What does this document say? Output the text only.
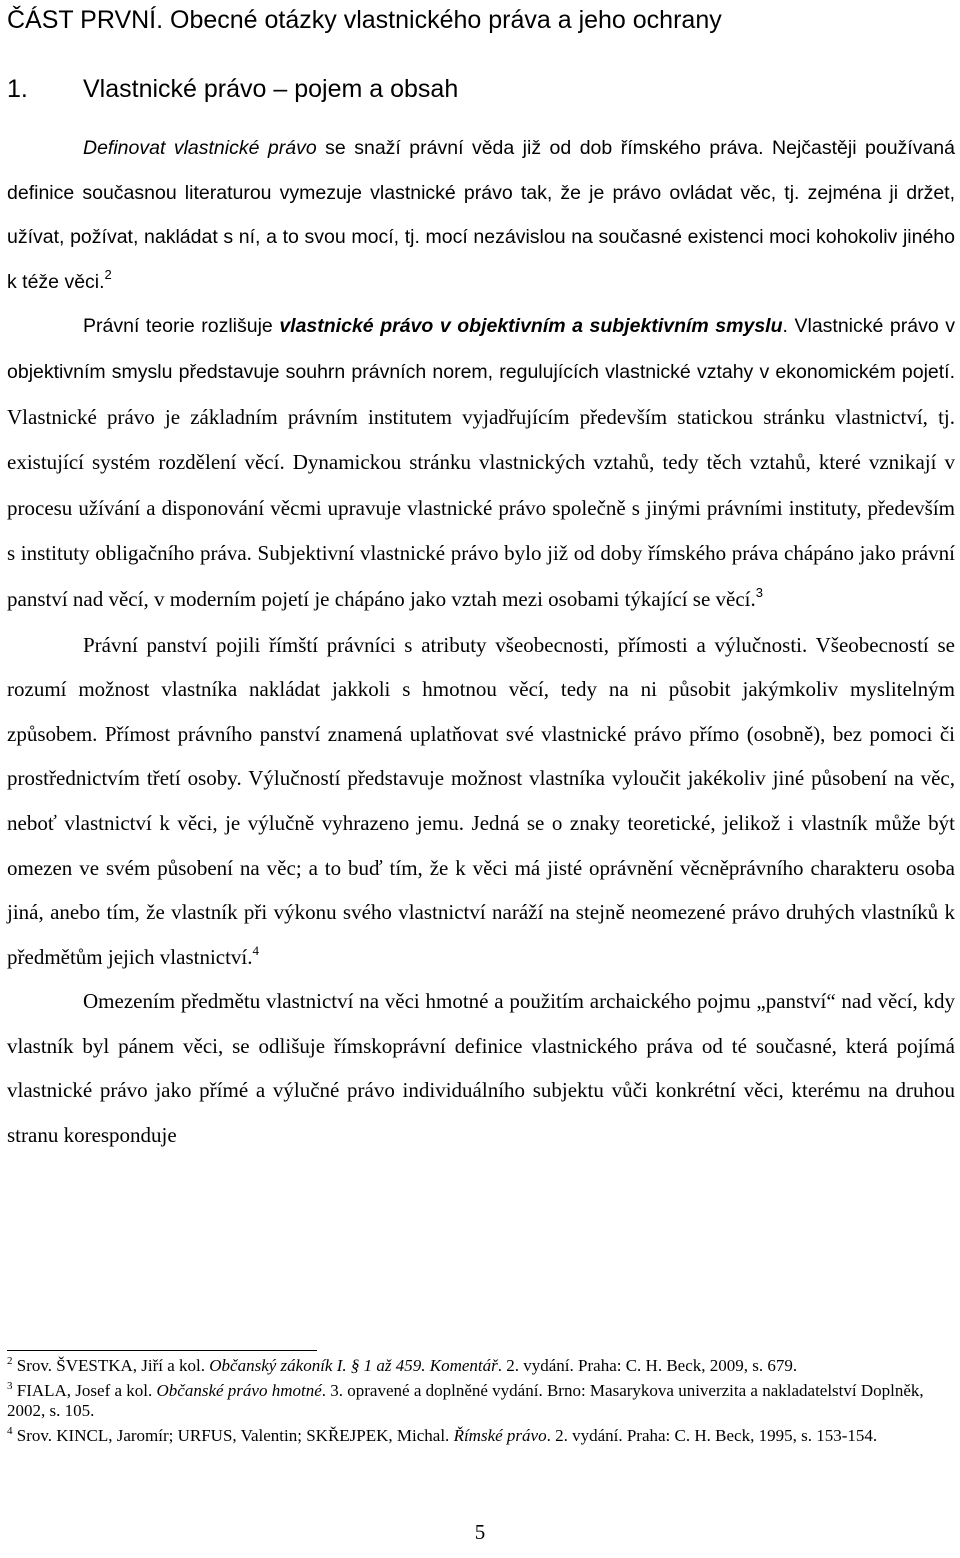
ČÁST PRVNÍ. Obecné otázky vlastnického práva a jeho ochrany
1. Vlastnické právo – pojem a obsah

Definovat vlastnické právo se snaží právní věda již od dob římského práva. Nejčastěji používaná definice současnou literaturou vymezuje vlastnické právo tak, že je právo ovládat věc, tj. zejména ji držet, užívat, požívat, nakládat s ní, a to svou mocí, tj. mocí nezávislou na současné existenci moci kohokoliv jiného k téže věci.$^2$

Právní teorie rozlišuje vlastnické právo v objektivním a subjektivním smyslu. Vlastnické právo v objektivním smyslu představuje souhrn právních norem, regulujících vlastnické vztahy v ekonomickém pojetí. Vlastnické právo je základním právním institutem vyjadřujícím především statickou stránku vlastnictví, tj. existující systém rozdělení věcí. Dynamickou stránku vlastnických vztahů, tedy těch vztahů, které vznikají v procesu užívání a disponování věcmi upravuje vlastnické právo společně s jinými právními instituty, především s instituty obligačního práva. Subjektivní vlastnické právo bylo již od doby římského práva chápáno jako právní panství nad věcí, v moderním pojetí je chápáno jako vztah mezi osobami týkající se věcí.$^3$

Právní panství pojili římští právníci s atributy všeobecnosti, přímosti a výlučnosti. Všeobecností se rozumí možnost vlastníka nakládat jakkoli s hmotnou věcí, tedy na ni působit jakýmkoliv myslitelným způsobem. Přímost právního panství znamená uplatňovat své vlastnické právo přímo (osobně), bez pomoci či prostřednictvím třetí osoby. Výlučností představuje možnost vlastníka vyloučit jakékoliv jiné působení na věc, neboť vlastnictví k věci, je výlučně vyhrazeno jemu. Jedná se o znaky teoretické, jelikož i vlastník může být omezen ve svém působení na věc; a to buď tím, že k věci má jisté oprávnění věcněprávního charakteru osoba jiná, anebo tím, že vlastník při výkonu svého vlastnictví naráží na stejně neomezené právo druhých vlastníků k předmětům jejich vlastnictví.$^4$

Omezením předmětu vlastnictví na věci hmotné a použitím archaického pojmu „panství“ nad věcí, kdy vlastník byl pánem věci, se odlišuje římskoprávní definice vlastnického práva od té současné, která pojímá vlastnické právo jako přímé a výlučné právo individuálního subjektu vůči konkrétní věci, kterému na druhou stranu koresponduje

$^2$ Srov. ŠVESTKA, Jiří a kol. Občanský zákoník I. § 1 až 459. Komentář. 2. vydání. Praha: C. H. Beck, 2009, s. 679.

$^3$ FIALA, Josef a kol. Občanské právo hmotné. 3. opravené a doplněné vydání. Brno: Masarykova univerzita a nakladatelství Doplněk, 2002, s. 105.

$^4$ Srov. KINCL, Jaromír; URFUS, Valentin; SKŘEJPEK, Michal. Římské právo. 2. vydání. Praha: C. H. Beck, 1995, s. 153-154.

5
